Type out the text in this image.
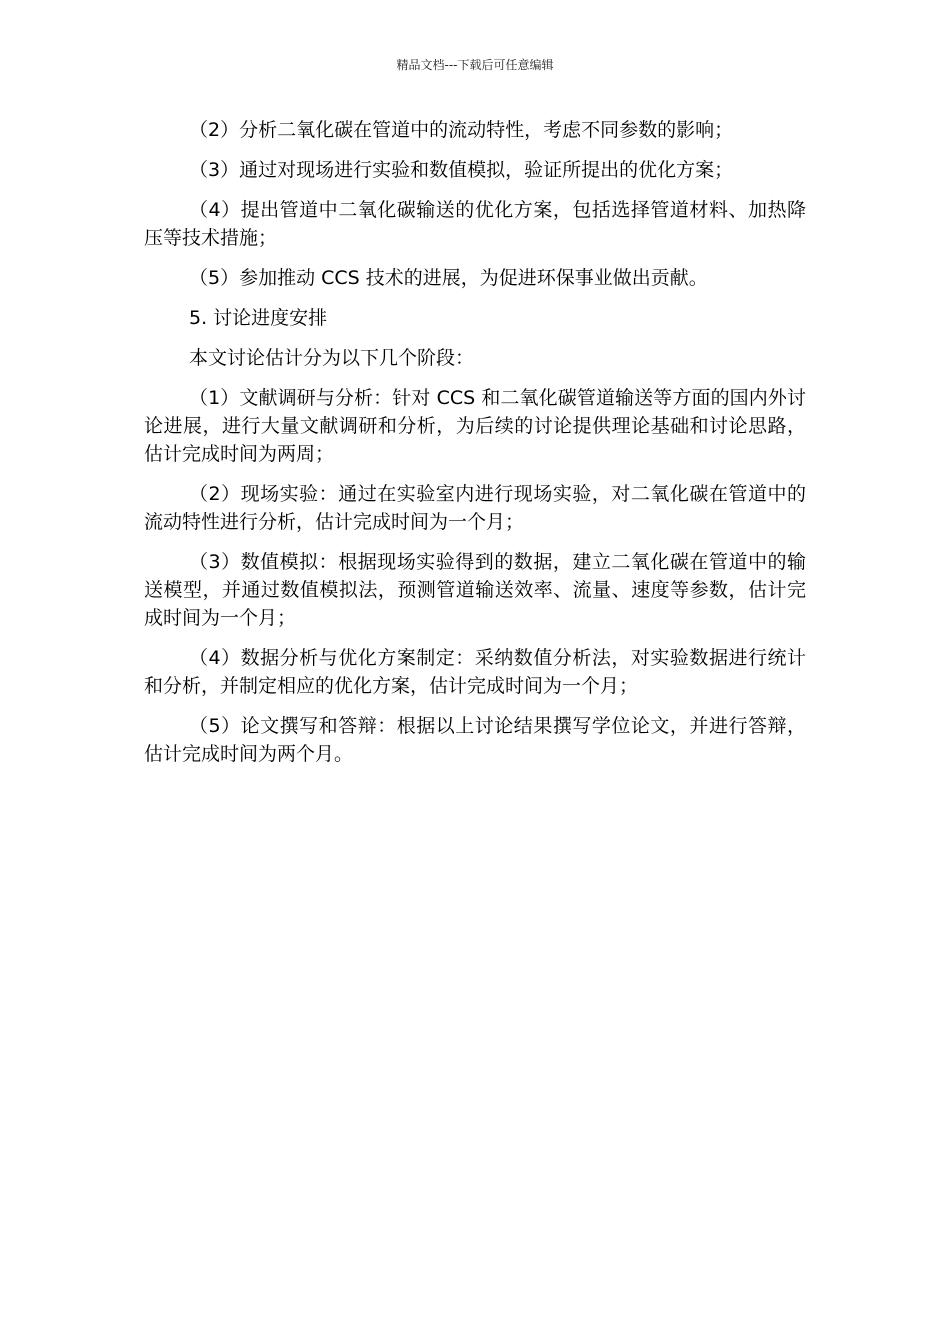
精品文档---下载后可任意编辑

（2）分析二氧化碳在管道中的流动特性，考虑不同参数的影响；

（3）通过对现场进行实验和数值模拟，验证所提出的优化方案；

（4）提出管道中二氧化碳输送的优化方案，包括选择管道材料、加热降压等技术措施；

（5）参加推动 CCS 技术的进展，为促进环保事业做出贡献。

5. 讨论进度安排

本文讨论估计分为以下几个阶段：

（1）文献调研与分析：针对 CCS 和二氧化碳管道输送等方面的国内外讨论进展，进行大量文献调研和分析，为后续的讨论提供理论基础和讨论思路，估计完成时间为两周；

（2）现场实验：通过在实验室内进行现场实验，对二氧化碳在管道中的流动特性进行分析，估计完成时间为一个月；

（3）数值模拟：根据现场实验得到的数据，建立二氧化碳在管道中的输送模型，并通过数值模拟法，预测管道输送效率、流量、速度等参数，估计完成时间为一个月；

（4）数据分析与优化方案制定：采纳数值分析法，对实验数据进行统计和分析，并制定相应的优化方案，估计完成时间为一个月；

（5）论文撰写和答辩：根据以上讨论结果撰写学位论文，并进行答辩，估计完成时间为两个月。
